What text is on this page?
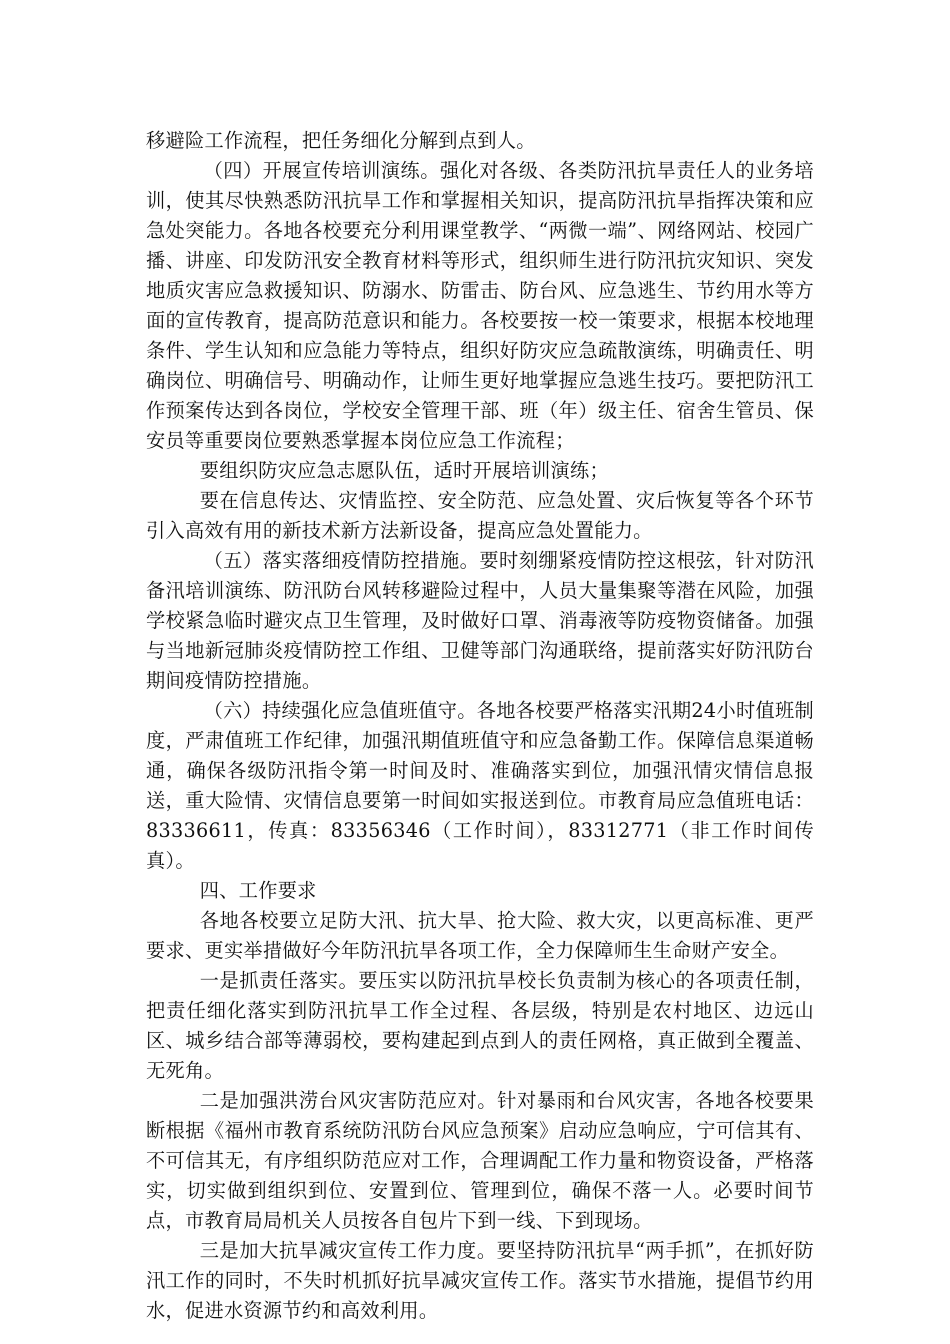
移避险工作流程，把任务细化分解到点到人。

（四）开展宣传培训演练。强化对各级、各类防汛抗旱责任人的业务培训，使其尽快熟悉防汛抗旱工作和掌握相关知识，提高防汛抗旱指挥决策和应急处突能力。各地各校要充分利用课堂教学、“两微一端”、网络网站、校园广播、讲座、印发防汛安全教育材料等形式，组织师生进行防汛抗灾知识、突发地质灾害应急救援知识、防溺水、防雷击、防台风、应急逃生、节约用水等方面的宣传教育，提高防范意识和能力。各校要按一校一策要求，根据本校地理条件、学生认知和应急能力等特点，组织好防灾应急疏散演练，明确责任、明确岗位、明确信号、明确动作，让师生更好地掌握应急逃生技巧。要把防汛工作预案传达到各岗位，学校安全管理干部、班（年）级主任、宿舍生管员、保安员等重要岗位要熟悉掌握本岗位应急工作流程；

要组织防灾应急志愿队伍，适时开展培训演练；

要在信息传达、灾情监控、安全防范、应急处置、灾后恢复等各个环节引入高效有用的新技术新方法新设备，提高应急处置能力。

（五）落实落细疫情防控措施。要时刻绷紧疫情防控这根弦，针对防汛备汛培训演练、防汛防台风转移避险过程中，人员大量集聚等潜在风险，加强学校紧急临时避灾点卫生管理，及时做好口罩、消毒液等防疫物资储备。加强与当地新冠肺炎疫情防控工作组、卫健等部门沟通联络，提前落实好防汛防台期间疫情防控措施。

（六）持续强化应急值班值守。各地各校要严格落实汛期24小时值班制度，严肃值班工作纪律，加强汛期值班值守和应急备勤工作。保障信息渠道畅通，确保各级防汛指令第一时间及时、准确落实到位，加强汛情灾情信息报送，重大险情、灾情信息要第一时间如实报送到位。市教育局应急值班电话：83336611，传真：83356346（工作时间），83312771（非工作时间传真）。

四、工作要求

各地各校要立足防大汛、抗大旱、抢大险、救大灾，以更高标准、更严要求、更实举措做好今年防汛抗旱各项工作，全力保障师生生命财产安全。

一是抓责任落实。要压实以防汛抗旱校长负责制为核心的各项责任制，把责任细化落实到防汛抗旱工作全过程、各层级，特别是农村地区、边远山区、城乡结合部等薄弱校，要构建起到点到人的责任网格，真正做到全覆盖、无死角。

二是加强洪涝台风灾害防范应对。针对暴雨和台风灾害，各地各校要果断根据《福州市教育系统防汛防台风应急预案》启动应急响应，宁可信其有、不可信其无，有序组织防范应对工作，合理调配工作力量和物资设备，严格落实，切实做到组织到位、安置到位、管理到位，确保不落一人。必要时间节点，市教育局局机关人员按各自包片下到一线、下到现场。

三是加大抗旱减灾宣传工作力度。要坚持防汛抗旱“两手抓”，在抓好防汛工作的同时，不失时机抓好抗旱减灾宣传工作。落实节水措施，提倡节约用水，促进水资源节约和高效利用。
